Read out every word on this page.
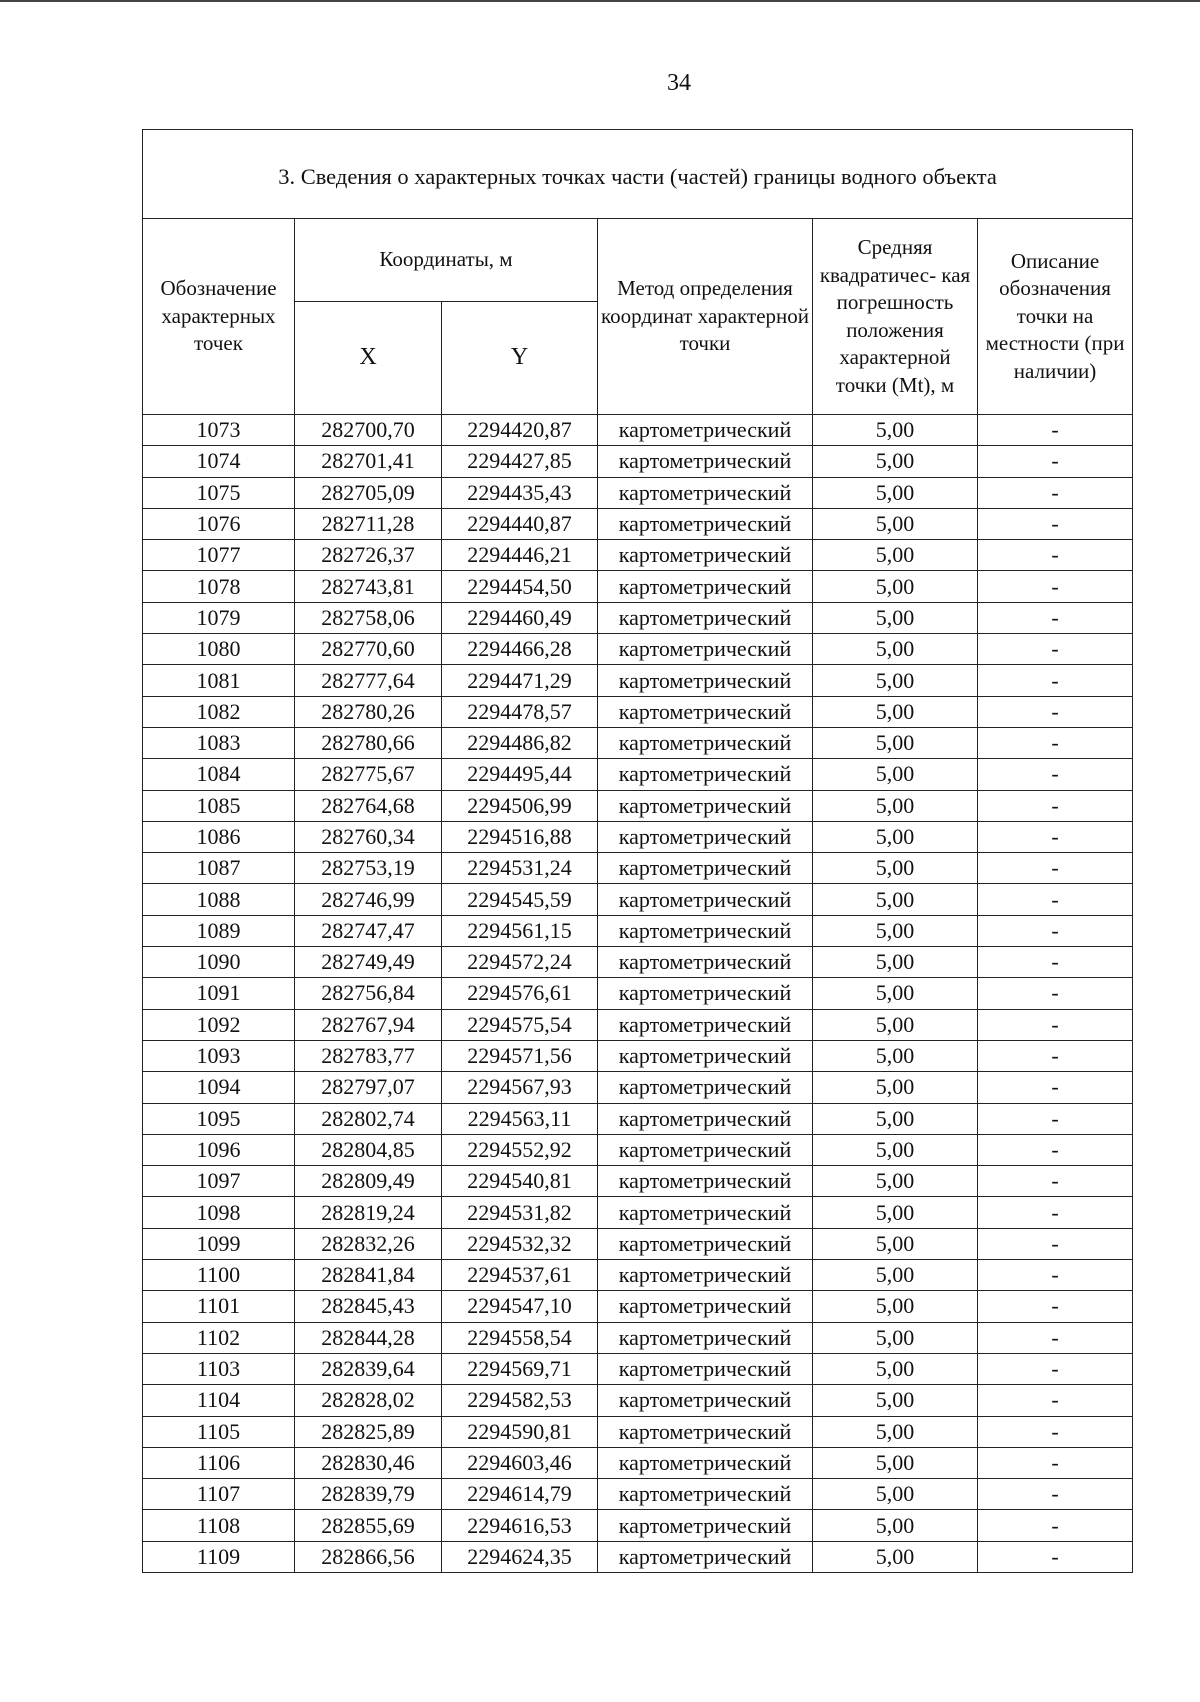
34
3. Сведения о характерных точках части (частей) границы водного объекта					
Обозначение характерных точек	Координаты, м		Метод определения координат характерной точки	Средняя квадратичес- кая погрешность положения характерной точки (Mt), м	Описание обозначения точки на местности (при наличии)
	X	Y			
1073	282700,70	2294420,87	картометрический	5,00	-
1074	282701,41	2294427,85	картометрический	5,00	-
1075	282705,09	2294435,43	картометрический	5,00	-
1076	282711,28	2294440,87	картометрический	5,00	-
1077	282726,37	2294446,21	картометрический	5,00	-
1078	282743,81	2294454,50	картометрический	5,00	-
1079	282758,06	2294460,49	картометрический	5,00	-
1080	282770,60	2294466,28	картометрический	5,00	-
1081	282777,64	2294471,29	картометрический	5,00	-
1082	282780,26	2294478,57	картометрический	5,00	-
1083	282780,66	2294486,82	картометрический	5,00	-
1084	282775,67	2294495,44	картометрический	5,00	-
1085	282764,68	2294506,99	картометрический	5,00	-
1086	282760,34	2294516,88	картометрический	5,00	-
1087	282753,19	2294531,24	картометрический	5,00	-
1088	282746,99	2294545,59	картометрический	5,00	-
1089	282747,47	2294561,15	картометрический	5,00	-
1090	282749,49	2294572,24	картометрический	5,00	-
1091	282756,84	2294576,61	картометрический	5,00	-
1092	282767,94	2294575,54	картометрический	5,00	-
1093	282783,77	2294571,56	картометрический	5,00	-
1094	282797,07	2294567,93	картометрический	5,00	-
1095	282802,74	2294563,11	картометрический	5,00	-
1096	282804,85	2294552,92	картометрический	5,00	-
1097	282809,49	2294540,81	картометрический	5,00	-
1098	282819,24	2294531,82	картометрический	5,00	-
1099	282832,26	2294532,32	картометрический	5,00	-
1100	282841,84	2294537,61	картометрический	5,00	-
1101	282845,43	2294547,10	картометрический	5,00	-
1102	282844,28	2294558,54	картометрический	5,00	-
1103	282839,64	2294569,71	картометрический	5,00	-
1104	282828,02	2294582,53	картометрический	5,00	-
1105	282825,89	2294590,81	картометрический	5,00	-
1106	282830,46	2294603,46	картометрический	5,00	-
1107	282839,79	2294614,79	картометрический	5,00	-
1108	282855,69	2294616,53	картометрический	5,00	-
1109	282866,56	2294624,35	картометрический	5,00	-
